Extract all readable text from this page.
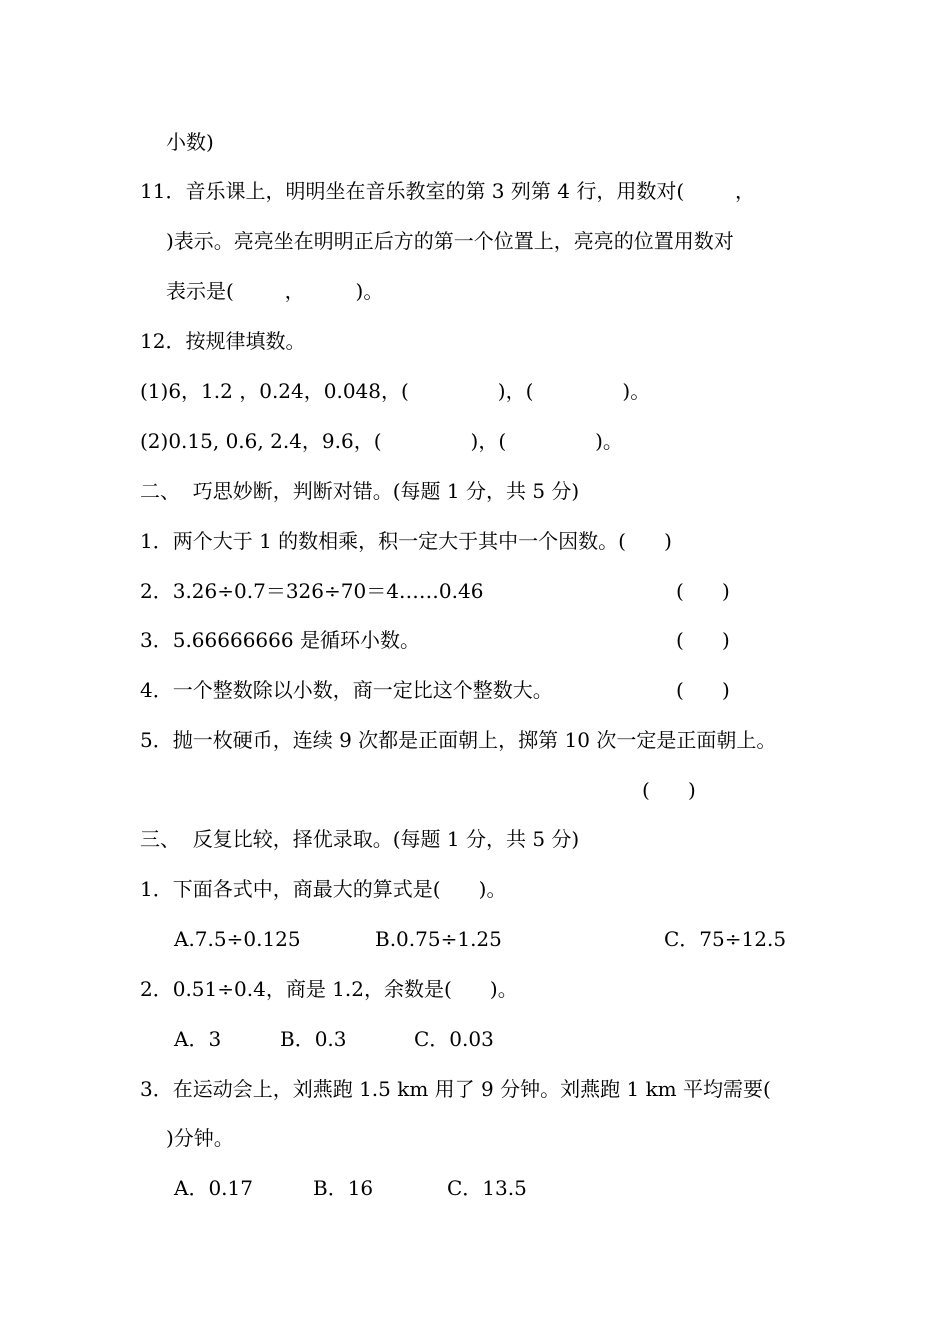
小数)
11．音乐课上，明明坐在音乐教室的第 3 列第 4 行，用数对(        ，
)表示。亮亮坐在明明正后方的第一个位置上，亮亮的位置用数对
表示是(        ，        )。
12．按规律填数。
(1)6，1.2 ，0.24，0.048，(              )，(              )。
(2)0.15, 0.6, 2.4，9.6，(              )，(              )。
二、  巧思妙断，判断对错。(每题 1 分，共 5 分)
1．两个大于 1 的数相乘，积一定大于其中一个因数。(      )
2．3.26÷0.7＝326÷70＝4……0.46	(      )
3．5.66666666 是循环小数。	(      )
4．一个整数除以小数，商一定比这个整数大。	(      )
5．抛一枚硬币，连续 9 次都是正面朝上，掷第 10 次一定是正面朝上。
(      )
三、  反复比较，择优录取。(每题 1 分，共 5 分)
1．下面各式中，商最大的算式是(      )。
A.7.5÷0.125	B.0.75÷1.25	C．75÷12.5
2．0.51÷0.4，商是 1.2，余数是(      )。
A．3	B．0.3	C．0.03
3．在运动会上，刘燕跑 1.5 km 用了 9 分钟。刘燕跑 1 km 平均需要(
)分钟。
A．0.17	B．16	C．13.5
